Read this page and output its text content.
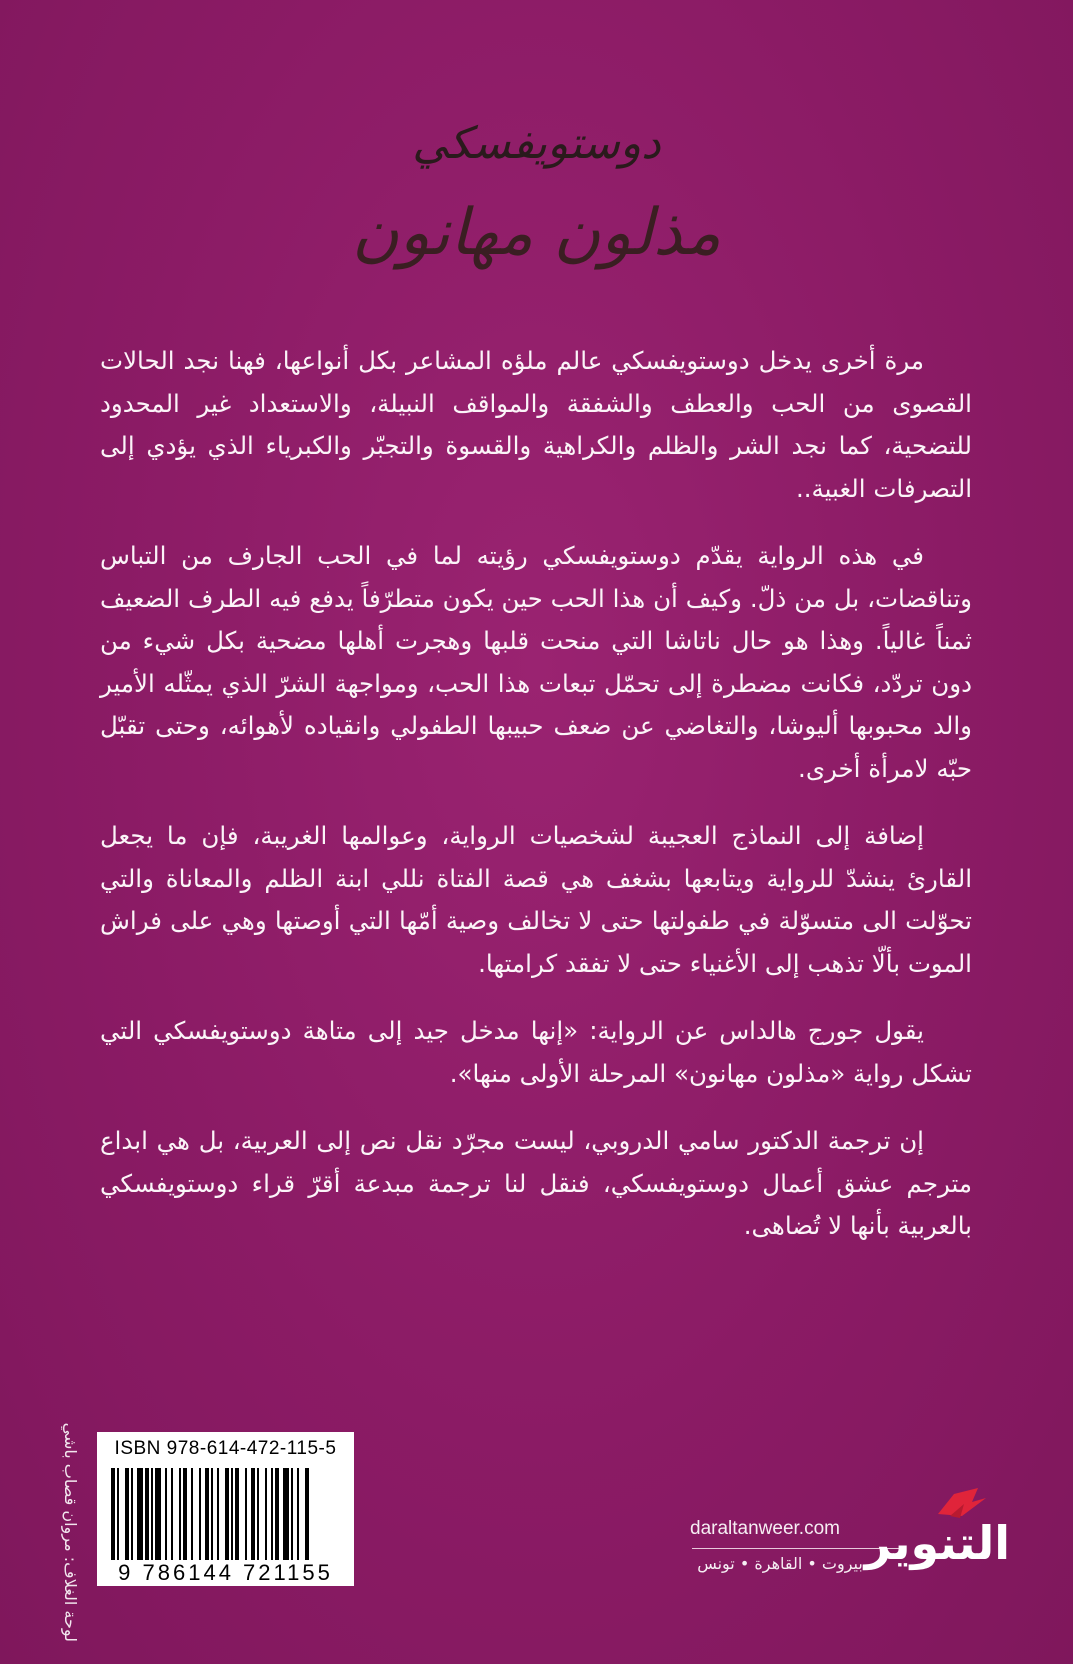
دوستويفسكي
مذلون مهانون

مرة أخرى يدخل دوستويفسكي عالم ملؤه المشاعر بكل أنواعها، فهنا نجد الحالات القصوى من الحب والعطف والشفقة والمواقف النبيلة، والاستعداد غير المحدود للتضحية، كما نجد الشر والظلم والكراهية والقسوة والتجبّر والكبرياء الذي يؤدي إلى التصرفات الغبية..

في هذه الرواية يقدّم دوستويفسكي رؤيته لما في الحب الجارف من التباس وتناقضات، بل من ذلّ. وكيف أن هذا الحب حين يكون متطرّفاً يدفع فيه الطرف الضعيف ثمناً غالياً. وهذا هو حال ناتاشا التي منحت قلبها وهجرت أهلها مضحية بكل شيء من دون تردّد، فكانت مضطرة إلى تحمّل تبعات هذا الحب، ومواجهة الشرّ الذي يمثّله الأمير والد محبوبها أليوشا، والتغاضي عن ضعف حبيبها الطفولي وانقياده لأهوائه، وحتى تقبّل حبّه لامرأة أخرى.

إضافة إلى النماذج العجيبة لشخصيات الرواية، وعوالمها الغريبة، فإن ما يجعل القارئ ينشدّ للرواية ويتابعها بشغف هي قصة الفتاة نللي ابنة الظلم والمعاناة والتي تحوّلت الى متسوّلة في طفولتها حتى لا تخالف وصية أمّها التي أوصتها وهي على فراش الموت بألّا تذهب إلى الأغنياء حتى لا تفقد كرامتها.

يقول جورج هالداس عن الرواية: «إنها مدخل جيد إلى متاهة دوستويفسكي التي تشكل رواية «مذلون مهانون» المرحلة الأولى منها».

إن ترجمة الدكتور سامي الدروبي، ليست مجرّد نقل نص إلى العربية، بل هي ابداع مترجم عشق أعمال دوستويفسكي، فنقل لنا ترجمة مبدعة أقرّ قراء دوستويفسكي بالعربية بأنها لا تُضاهى.

لوحة الغلاف: مروان قصاب باشي	ISBN 978-614-472-115-5
9 786144 721155
daraltanweer.com
بيروت • القاهرة • تونس التنوير
